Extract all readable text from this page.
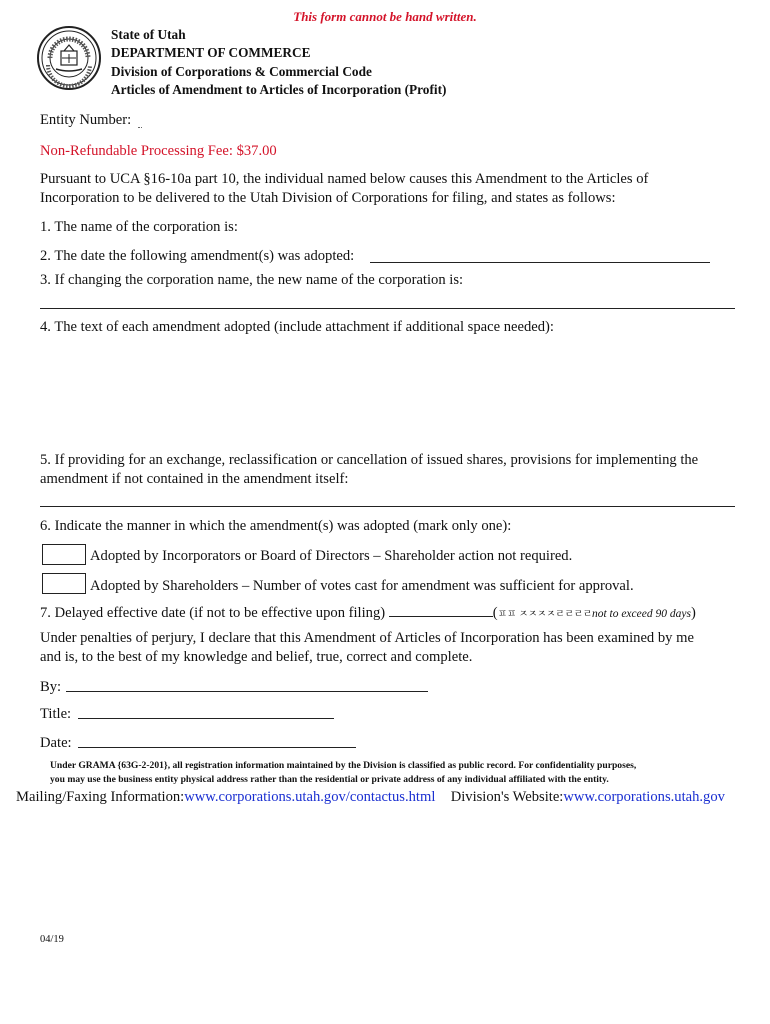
This form cannot be hand written.
State of Utah
DEPARTMENT OF COMMERCE
Division of Corporations & Commercial Code
Articles of Amendment to Articles of Incorporation (Profit)
Entity Number:
Non-Refundable Processing Fee: $37.00
Pursuant to UCA §16-10a part 10, the individual named below causes this Amendment to the Articles of
Incorporation to be delivered to the Utah Division of Corporations for filing, and states as follows:
1. The name of the corporation is:
2. The date the following amendment(s) was adopted:
3. If changing the corporation name, the new name of the corporation is:
4. The text of each amendment adopted (include attachment if additional space needed):
5. If providing for an exchange, reclassification or cancellation of issued shares, provisions for implementing the
amendment if not contained in the amendment itself:
6. Indicate the manner in which the amendment(s) was adopted (mark only one):
Adopted by Incorporators or Board of Directors – Shareholder action not required.
Adopted by Shareholders – Number of votes cast for amendment was sufficient for approval.
7. Delayed effective date (if not to be effective upon filing)	(ㅍㅍ ㅈㅈㅈㅈㄹㄹㄹㄹnot to exceed 90 days)
Under penalties of perjury, I declare that this Amendment of Articles of Incorporation has been examined by me
and is, to the best of my knowledge and belief, true, correct and complete.
By:
Title:
Date:
Under GRAMA {63G-2-201}, all registration information maintained by the Division is classified as public record. For confidentiality purposes,
you may use the business entity physical address rather than the residential or private address of any individual affiliated with the entity.
Mailing/Faxing Information:www.corporations.utah.gov/contactus.html Division's Website:www.corporations.utah.gov
04/19
